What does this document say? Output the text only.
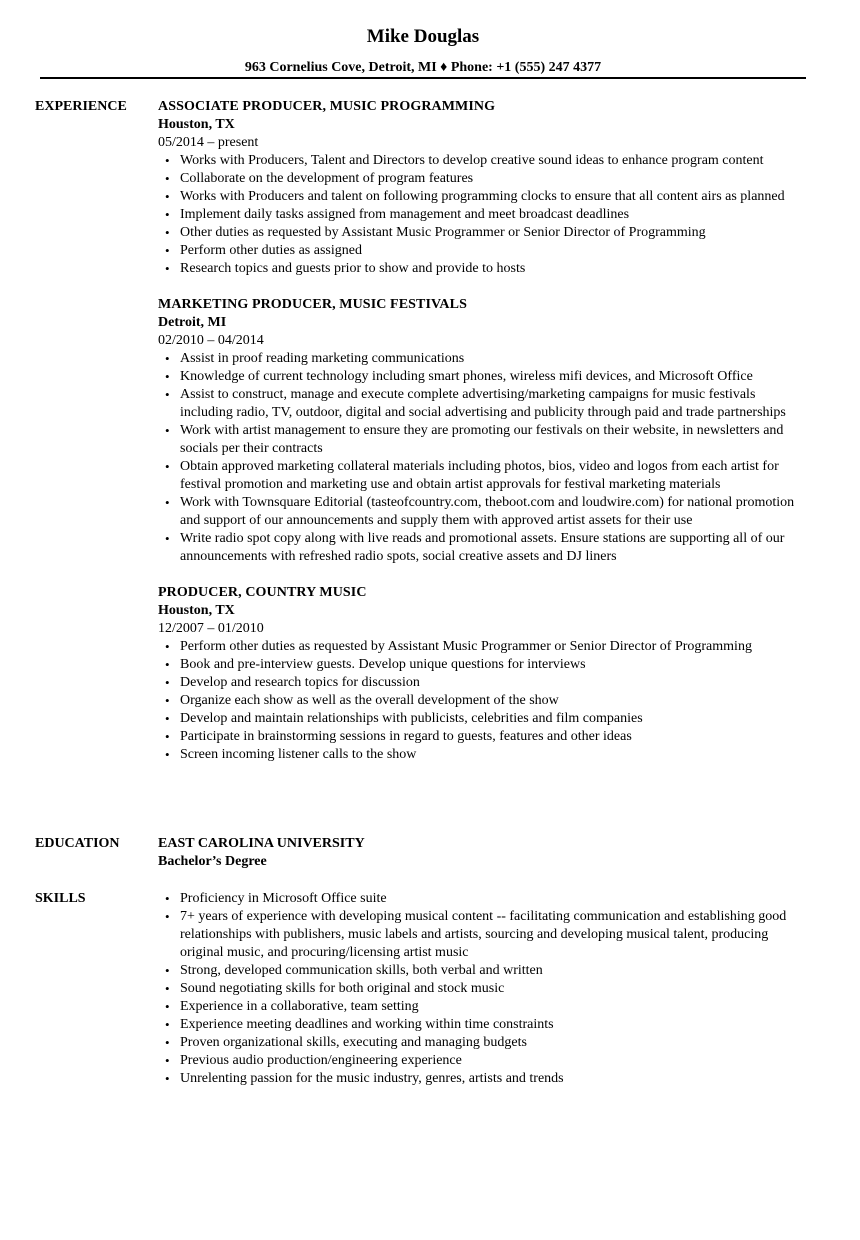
Mike Douglas
963 Cornelius Cove, Detroit, MI ♦ Phone: +1 (555) 247 4377
EXPERIENCE ASSOCIATE PRODUCER, MUSIC PROGRAMMING
Houston, TX
05/2014 – present
• Works with Producers, Talent and Directors to develop creative sound ideas to enhance program content
• Collaborate on the development of program features
• Works with Producers and talent on following programming clocks to ensure that all content airs as planned
• Implement daily tasks assigned from management and meet broadcast deadlines
• Other duties as requested by Assistant Music Programmer or Senior Director of Programming
• Perform other duties as assigned
• Research topics and guests prior to show and provide to hosts
MARKETING PRODUCER, MUSIC FESTIVALS
Detroit, MI
02/2010 – 04/2014
• Assist in proof reading marketing communications
• Knowledge of current technology including smart phones, wireless mifi devices, and Microsoft Office
• Assist to construct, manage and execute complete advertising/marketing campaigns for music festivals including radio, TV, outdoor, digital and social advertising and publicity through paid and trade partnerships
• Work with artist management to ensure they are promoting our festivals on their website, in newsletters and socials per their contracts
• Obtain approved marketing collateral materials including photos, bios, video and logos from each artist for festival promotion and marketing use and obtain artist approvals for festival marketing materials
• Work with Townsquare Editorial (tasteofcountry.com, theboot.com and loudwire.com) for national promotion and support of our announcements and supply them with approved artist assets for their use
• Write radio spot copy along with live reads and promotional assets. Ensure stations are supporting all of our announcements with refreshed radio spots, social creative assets and DJ liners
PRODUCER, COUNTRY MUSIC
Houston, TX
12/2007 – 01/2010
• Perform other duties as requested by Assistant Music Programmer or Senior Director of Programming
• Book and pre-interview guests. Develop unique questions for interviews
• Develop and research topics for discussion
• Organize each show as well as the overall development of the show
• Develop and maintain relationships with publicists, celebrities and film companies
• Participate in brainstorming sessions in regard to guests, features and other ideas
• Screen incoming listener calls to the show
EDUCATION	EAST CAROLINA UNIVERSITY
Bachelor’s Degree
SKILLS
•	Proficiency in Microsoft Office suite
• 7+ years of experience with developing musical content -- facilitating communication and establishing good relationships with publishers, music labels and artists, sourcing and developing musical talent, producing original music, and procuring/licensing artist music
• Strong, developed communication skills, both verbal and written
• Sound negotiating skills for both original and stock music
• Experience in a collaborative, team setting
• Experience meeting deadlines and working within time constraints
• Proven organizational skills, executing and managing budgets
• Previous audio production/engineering experience
• Unrelenting passion for the music industry, genres, artists and trends
